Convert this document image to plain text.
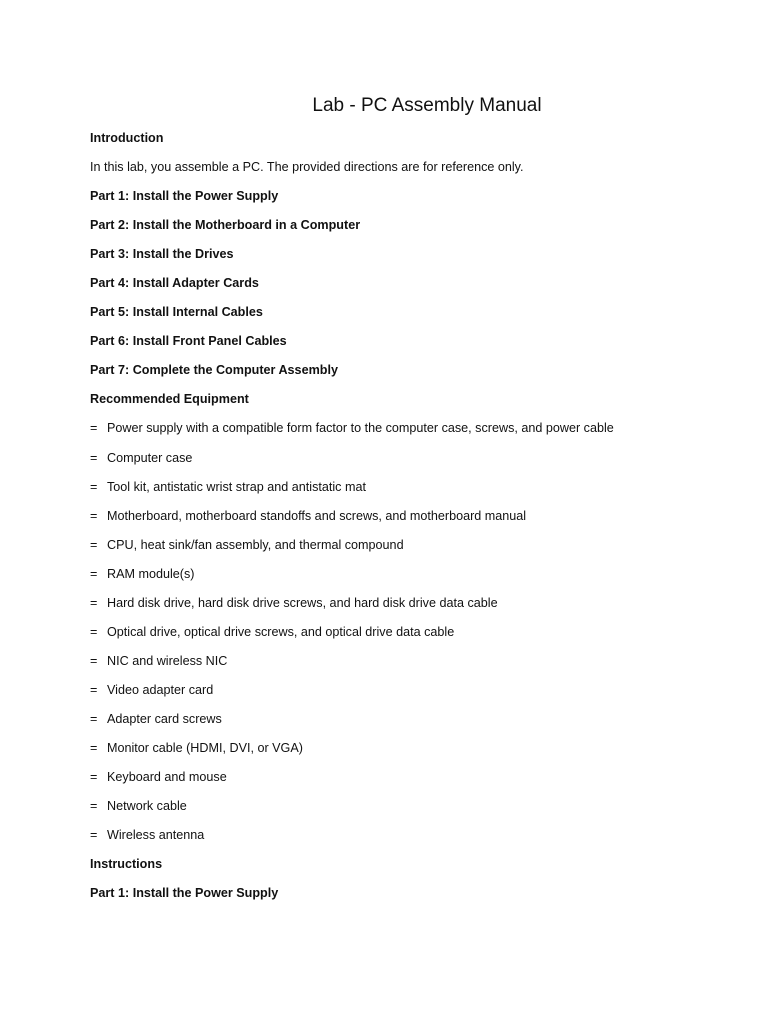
Lab - PC Assembly Manual
Introduction
In this lab, you assemble a PC. The provided directions are for reference only.
Part 1: Install the Power Supply
Part 2: Install the Motherboard in a Computer
Part 3: Install the Drives
Part 4: Install Adapter Cards
Part 5: Install Internal Cables
Part 6: Install Front Panel Cables
Part 7: Complete the Computer Assembly
Recommended Equipment
= Power supply with a compatible form factor to the computer case, screws, and power cable
= Computer case
= Tool kit, antistatic wrist strap and antistatic mat
= Motherboard, motherboard standoffs and screws, and motherboard manual
= CPU, heat sink/fan assembly, and thermal compound
= RAM module(s)
= Hard disk drive, hard disk drive screws, and hard disk drive data cable
= Optical drive, optical drive screws, and optical drive data cable
= NIC and wireless NIC
= Video adapter card
= Adapter card screws
= Monitor cable (HDMI, DVI, or VGA)
= Keyboard and mouse
= Network cable
= Wireless antenna
Instructions
Part 1: Install the Power Supply
